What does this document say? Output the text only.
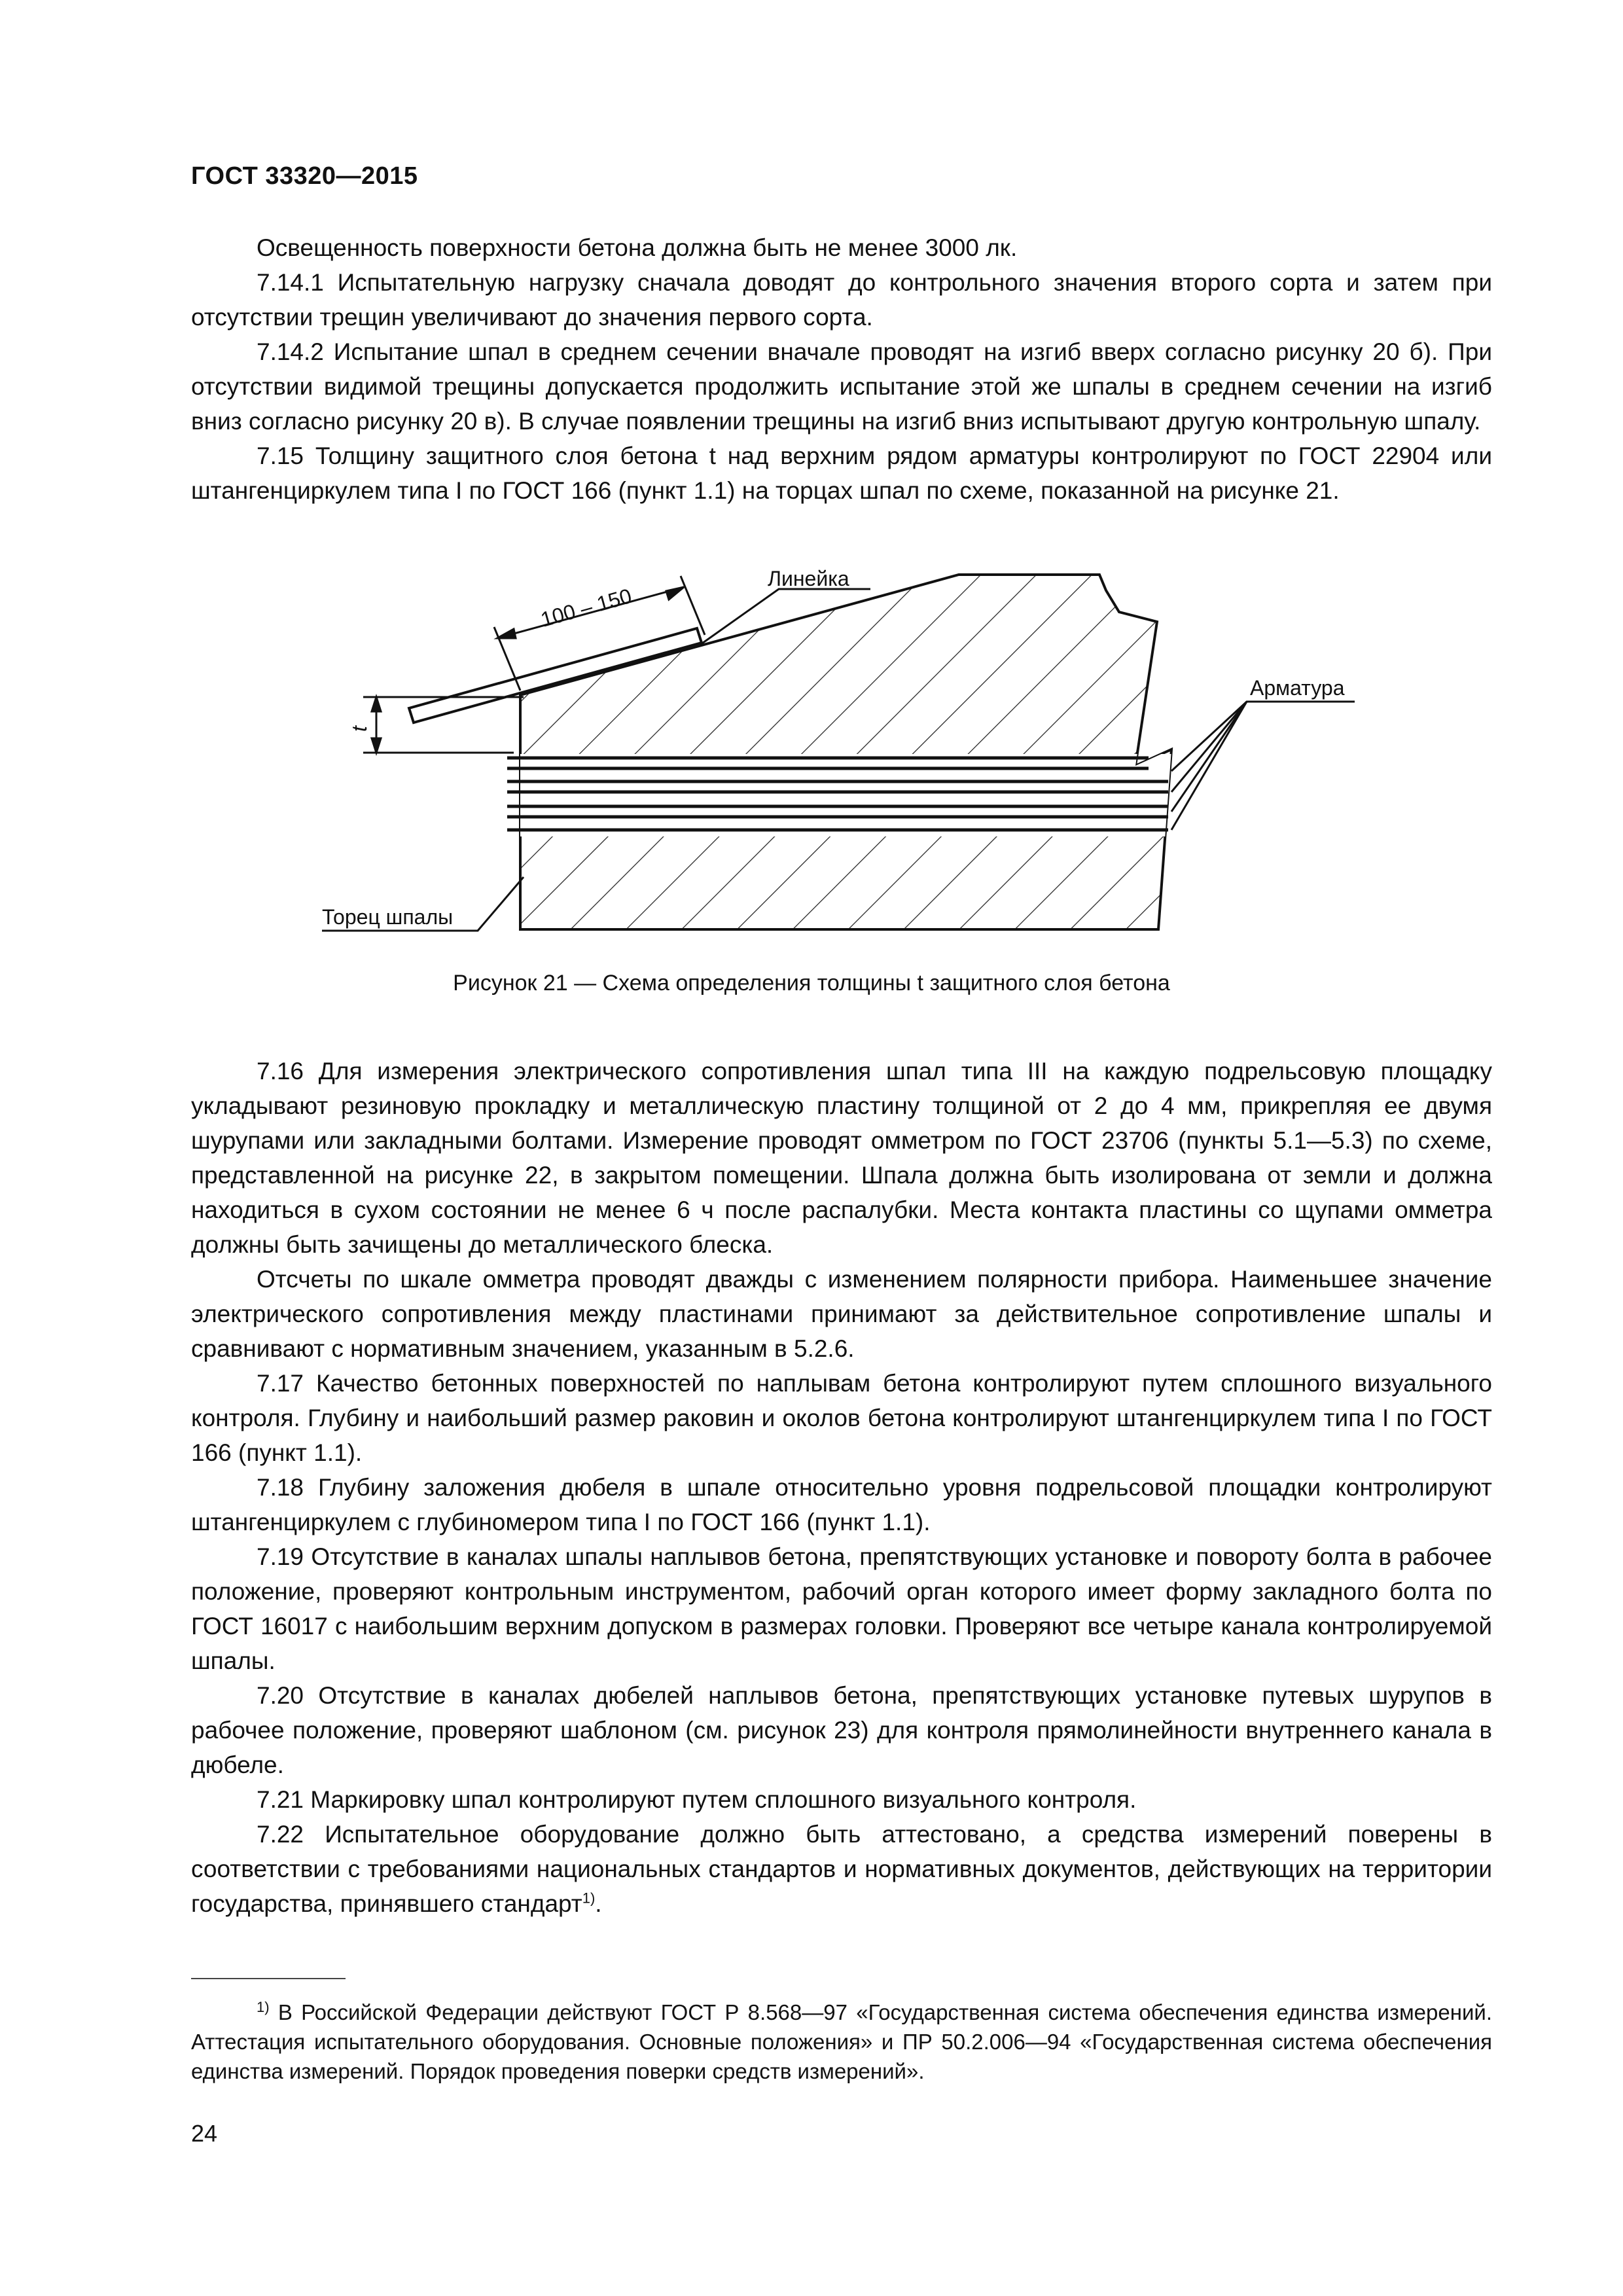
ГОСТ 33320—2015

Освещенность поверхности бетона должна быть не менее 3000 лк.

7.14.1 Испытательную нагрузку сначала доводят до контрольного значения второго сорта и затем при отсутствии трещин увеличивают до значения первого сорта.

7.14.2 Испытание шпал в среднем сечении вначале проводят на изгиб вверх согласно рисунку 20 б). При отсутствии видимой трещины допускается продолжить испытание этой же шпалы в среднем сечении на изгиб вниз согласно рисунку 20 в). В случае появлении трещины на изгиб вниз испытывают другую контрольную шпалу.

7.15 Толщину защитного слоя бетона t над верхним рядом арматуры контролируют по ГОСТ 22904 или штангенциркулем типа I по ГОСТ 166 (пункт 1.1) на торцах шпал по схеме, показанной на рисунке 21.

Линейка
100 – 150
Арматура
t
Торец шпалы
Рисунок 21 — Схема определения толщины t защитного слоя бетона

7.16 Для измерения электрического сопротивления шпал типа III на каждую подрельсовую площадку укладывают резиновую прокладку и металлическую пластину толщиной от 2 до 4 мм, прикрепляя ее двумя шурупами или закладными болтами. Измерение проводят омметром по ГОСТ 23706 (пункты 5.1—5.3) по схеме, представленной на рисунке 22, в закрытом помещении. Шпала должна быть изолирована от земли и должна находиться в сухом состоянии не менее 6 ч после распалубки. Места контакта пластины со щупами омметра должны быть зачищены до металлического блеска.

Отсчеты по шкале омметра проводят дважды с изменением полярности прибора. Наименьшее значение электрического сопротивления между пластинами принимают за действительное сопротивление шпалы и сравнивают с нормативным значением, указанным в 5.2.6.

7.17 Качество бетонных поверхностей по наплывам бетона контролируют путем сплошного визуального контроля. Глубину и наибольший размер раковин и околов бетона контролируют штангенциркулем типа I по ГОСТ 166 (пункт 1.1).

7.18 Глубину заложения дюбеля в шпале относительно уровня подрельсовой площадки контролируют штангенциркулем с глубиномером типа I по ГОСТ 166 (пункт 1.1).

7.19 Отсутствие в каналах шпалы наплывов бетона, препятствующих установке и повороту болта в рабочее положение, проверяют контрольным инструментом, рабочий орган которого имеет форму закладного болта по ГОСТ 16017 с наибольшим верхним допуском в размерах головки. Проверяют все четыре канала контролируемой шпалы.

7.20 Отсутствие в каналах дюбелей наплывов бетона, препятствующих установке путевых шурупов в рабочее положение, проверяют шаблоном (см. рисунок 23) для контроля прямолинейности внутреннего канала в дюбеле.

7.21 Маркировку шпал контролируют путем сплошного визуального контроля.

7.22 Испытательное оборудование должно быть аттестовано, а средства измерений поверены в соответствии с требованиями национальных стандартов и нормативных документов, действующих на территории государства, принявшего стандарт$^{1)}$.

$^{1)}$ В Российской Федерации действуют ГОСТ Р 8.568—97 «Государственная система обеспечения единства измерений. Аттестация испытательного оборудования. Основные положения» и ПР 50.2.006—94 «Государственная система обеспечения единства измерений. Порядок проведения поверки средств измерений».

24
